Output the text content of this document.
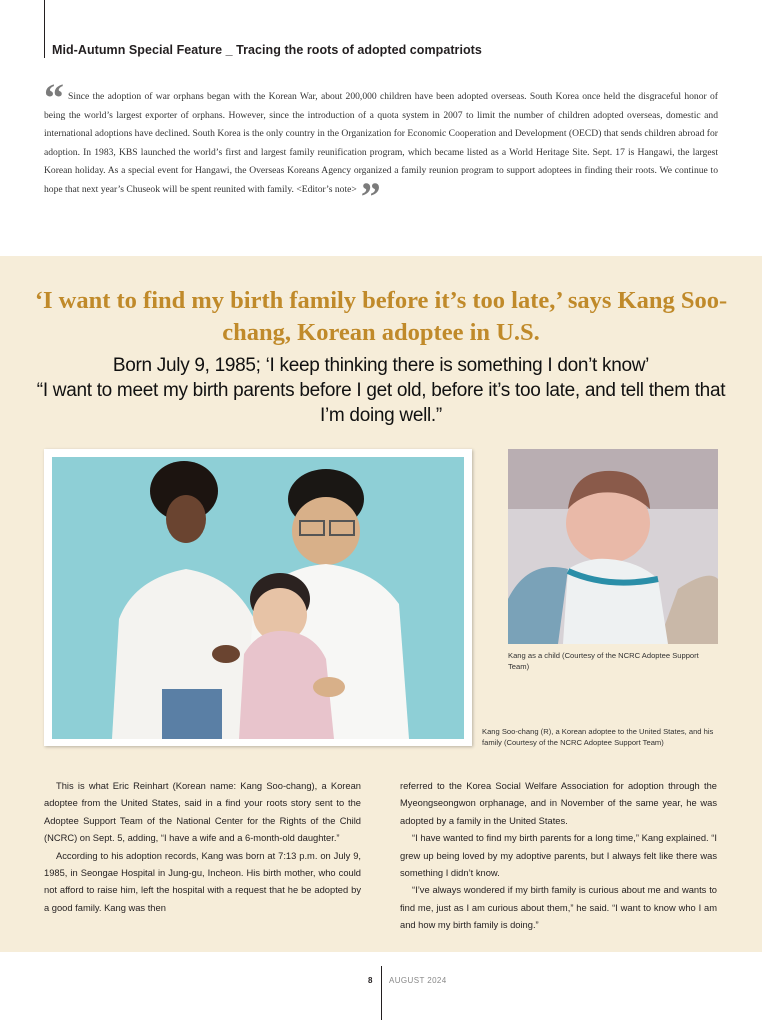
Mid-Autumn Special Feature _ Tracing the roots of adopted compatriots
“ Since the adoption of war orphans began with the Korean War, about 200,000 children have been adopted overseas. South Korea once held the disgraceful honor of being the world’s largest exporter of orphans. However, since the introduction of a quota system in 2007 to limit the number of children adopted overseas, domestic and international adoptions have declined. South Korea is the only country in the Organization for Economic Cooperation and Development (OECD) that sends children abroad for adoption. In 1983, KBS launched the world’s first and largest family reunification program, which became listed as a World Heritage Site. Sept. 17 is Hangawi, the largest Korean holiday. As a special event for Hangawi, the Overseas Koreans Agency organized a family reunion program to support adoptees in finding their roots. We continue to hope that next year’s Chuseok will be spent reunited with family. <Editor’s note> ”
‘I want to find my birth family before it’s too late,’ says Kang Soo-chang, Korean adoptee in U.S.
Born July 9, 1985; ‘I keep thinking there is something I don’t know’
“I want to meet my birth parents before I get old, before it’s too late, and tell them that I’m doing well.”
Kang Soo-chang (R), a Korean adoptee to the United States, and his family (Courtesy of the NCRC Adoptee Support Team)
Kang as a child (Courtesy of the NCRC Adoptee Support Team)

This is what Eric Reinhart (Korean name: Kang Soo-chang), a Korean adoptee from the United States, said in a find your roots story sent to the Adoptee Support Team of the National Center for the Rights of the Child (NCRC) on Sept. 5, adding, “I have a wife and a 6-month-old daughter.”

According to his adoption records, Kang was born at 7:13 p.m. on July 9, 1985, in Seongae Hospital in Jung-gu, Incheon. His birth mother, who could not afford to raise him, left the hospital with a request that he be adopted by a good family. Kang was then

referred to the Korea Social Welfare Association for adoption through the Myeongseongwon orphanage, and in November of the same year, he was adopted by a family in the United States.

“I have wanted to find my birth parents for a long time,” Kang explained. “I grew up being loved by my adoptive parents, but I always felt like there was something I didn’t know.

“I’ve always wondered if my birth family is curious about me and wants to find me, just as I am curious about them,” he said. “I want to know who I am and how my birth family is doing.”

8 AUGUST 2024
